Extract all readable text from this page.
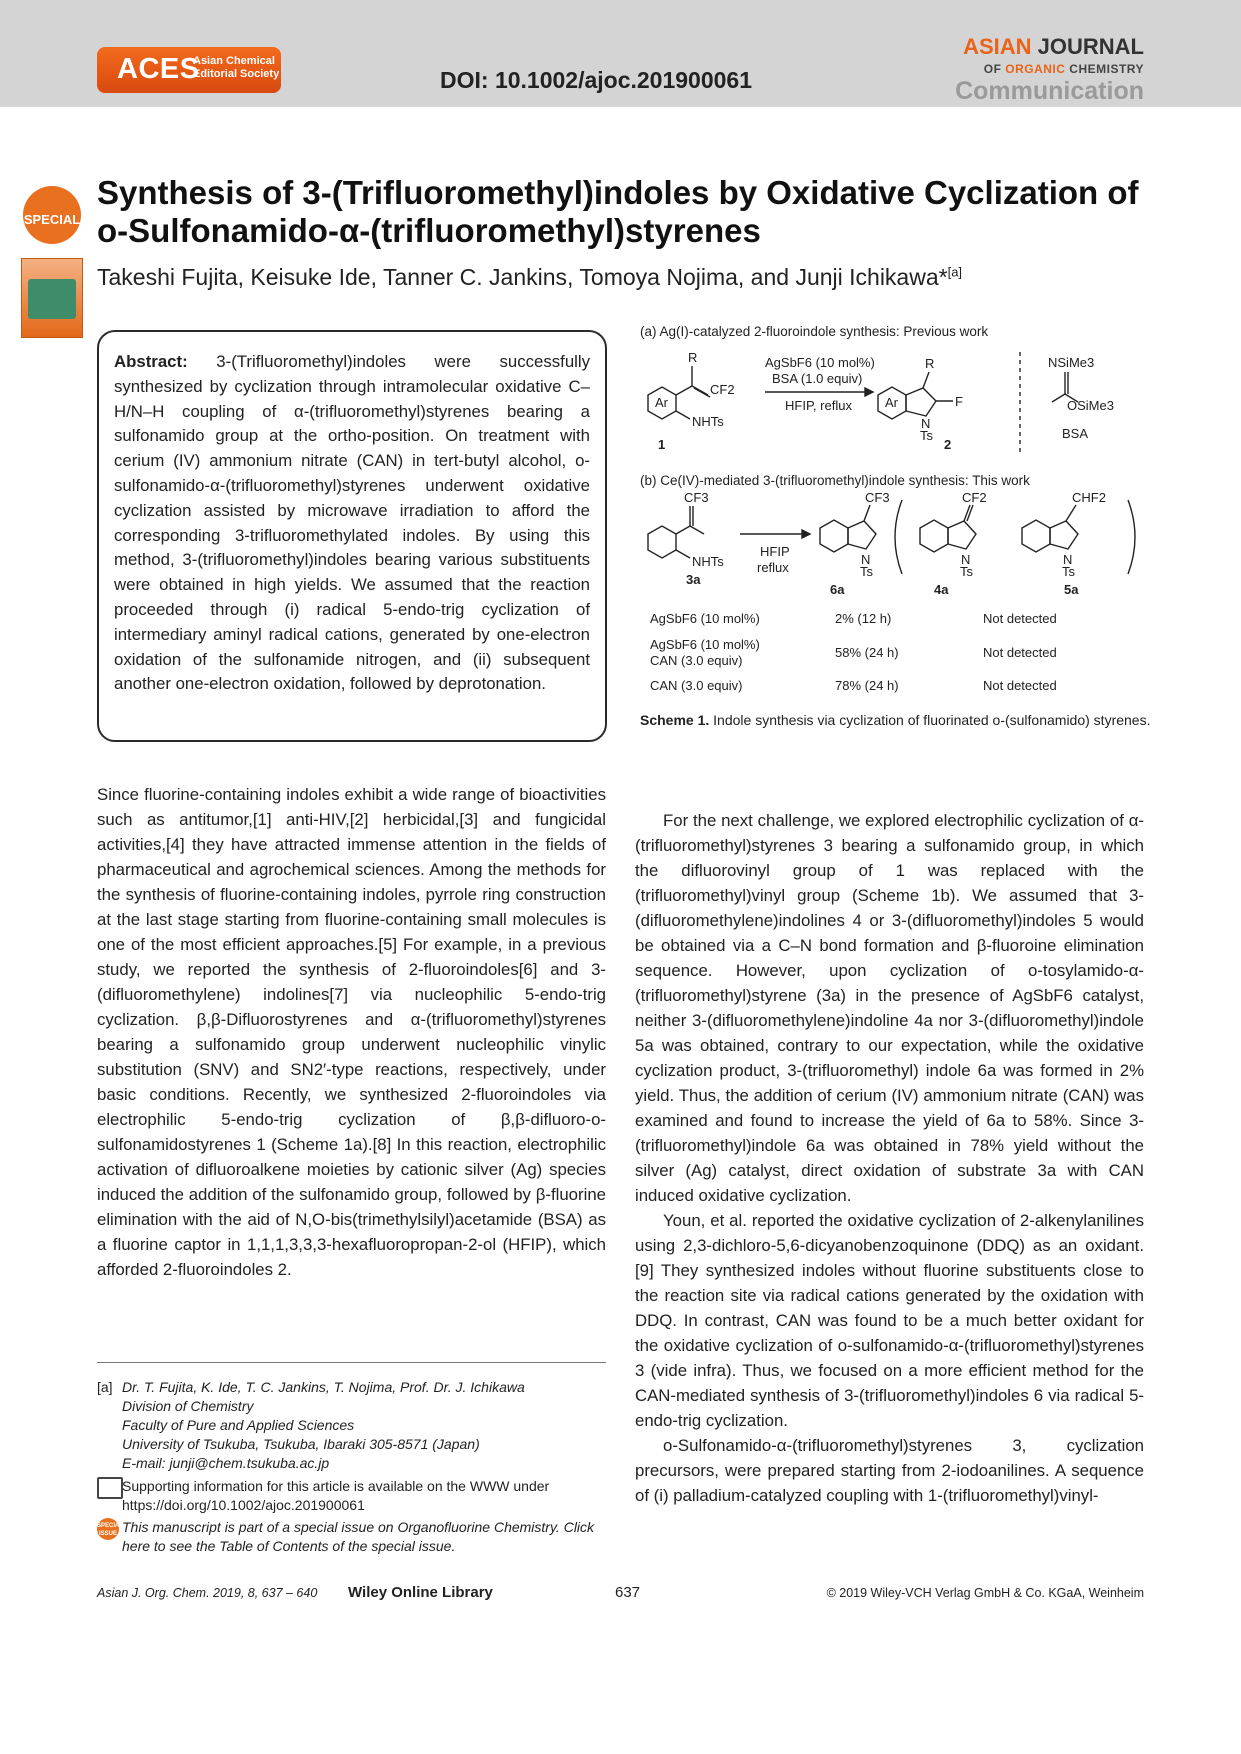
ACES
Asian Chemical
Editorial Society	DOI: 10.1002/ajoc.201900061
ASIAN JOURNAL
OF ORGANIC CHEMISTRY
Communication
SPECIAL

Synthesis of 3-(Trifluoromethyl)indoles by Oxidative Cyclization of
o-Sulfonamido-α-(trifluoromethyl)styrenes
Takeshi Fujita, Keisuke Ide, Tanner C. Jankins, Tomoya Nojima, and Junji Ichikawa*[a]
Abstract: 3-(Trifluoromethyl)indoles were successfully synthesized by cyclization through intramolecular oxidative C–H/N–H coupling of α-(trifluoromethyl)styrenes bearing a sulfonamido group at the ortho-position. On treatment with cerium (IV) ammonium nitrate (CAN) in tert-butyl alcohol, o-sulfonamido-α-(trifluoromethyl)styrenes underwent oxidative cyclization assisted by microwave irradiation to afford the corresponding 3-trifluoromethylated indoles. By using this method, 3-(trifluoromethyl)indoles bearing various substituents were obtained in high yields. We assumed that the reaction proceeded through (i) radical 5-endo-trig cyclization of intermediary aminyl radical cations, generated by one-electron oxidation of the sulfonamide nitrogen, and (ii) subsequent another one-electron oxidation, followed by deprotonation.
(a) Ag(I)-catalyzed 2-fluoroindole synthesis: Previous work
R
CF2
Ar
NHTs
1
AgSbF6 (10 mol%)
BSA (1.0 equiv)
HFIP, reflux
R
Ar	F
N
Ts
2
NSiMe3
OSiMe3
BSA
(b) Ce(IV)-mediated 3-(trifluoromethyl)indole synthesis: This work
CF3
NHTs
3a
HFIP
reflux
CF3
N
Ts
6a
CF2
N
Ts
4a
CHF2
N
Ts
5a
AgSbF6 (10 mol%)	2% (12 h)	Not detected
AgSbF6 (10 mol%)
CAN (3.0 equiv)
58% (24 h)	Not detected
CAN (3.0 equiv)	78% (24 h)	Not detected
Scheme 1. Indole synthesis via cyclization of fluorinated o-(sulfonamido) styrenes.

Since fluorine-containing indoles exhibit a wide range of bioactivities such as antitumor,[1] anti-HIV,[2] herbicidal,[3] and fungicidal activities,[4] they have attracted immense attention in the fields of pharmaceutical and agrochemical sciences. Among the methods for the synthesis of fluorine-containing indoles, pyrrole ring construction at the last stage starting from fluorine-containing small molecules is one of the most efficient approaches.[5] For example, in a previous study, we reported the synthesis of 2-fluoroindoles[6] and 3-(difluoromethylene) indolines[7] via nucleophilic 5-endo-trig cyclization. β,β-Difluorostyrenes and α-(trifluoromethyl)styrenes bearing a sulfonamido group underwent nucleophilic vinylic substitution (SNV) and SN2′-type reactions, respectively, under basic conditions. Recently, we synthesized 2-fluoroindoles via electrophilic 5-endo-trig cyclization of β,β-difluoro-o-sulfonamidostyrenes 1 (Scheme 1a).[8] In this reaction, electrophilic activation of difluoroalkene moieties by cationic silver (Ag) species induced the addition of the sulfonamido group, followed by β-fluorine elimination with the aid of N,O-bis(trimethylsilyl)acetamide (BSA) as a fluorine captor in 1,1,1,3,3,3-hexafluoropropan-2-ol (HFIP), which afforded 2-fluoroindoles 2.

For the next challenge, we explored electrophilic cyclization of α-(trifluoromethyl)styrenes 3 bearing a sulfonamido group, in which the difluorovinyl group of 1 was replaced with the (trifluoromethyl)vinyl group (Scheme 1b). We assumed that 3-(difluoromethylene)indolines 4 or 3-(difluoromethyl)indoles 5 would be obtained via a C–N bond formation and β-fluoroine elimination sequence. However, upon cyclization of o-tosylamido-α-(trifluoromethyl)styrene (3a) in the presence of AgSbF6 catalyst, neither 3-(difluoromethylene)indoline 4a nor 3-(difluoromethyl)indole 5a was obtained, contrary to our expectation, while the oxidative cyclization product, 3-(trifluoromethyl) indole 6a was formed in 2% yield. Thus, the addition of cerium (IV) ammonium nitrate (CAN) was examined and found to increase the yield of 6a to 58%. Since 3-(trifluoromethyl)indole 6a was obtained in 78% yield without the silver (Ag) catalyst, direct oxidation of substrate 3a with CAN induced oxidative cyclization.

Youn, et al. reported the oxidative cyclization of 2-alkenylanilines using 2,3-dichloro-5,6-dicyanobenzoquinone (DDQ) as an oxidant.[9] They synthesized indoles without fluorine substituents close to the reaction site via radical cations generated by the oxidation with DDQ. In contrast, CAN was found to be a much better oxidant for the oxidative cyclization of o-sulfonamido-α-(trifluoromethyl)styrenes 3 (vide infra). Thus, we focused on a more efficient method for the CAN-mediated synthesis of 3-(trifluoromethyl)indoles 6 via radical 5-endo-trig cyclization.

o-Sulfonamido-α-(trifluoromethyl)styrenes 3, cyclization precursors, were prepared starting from 2-iodoanilines. A sequence of (i) palladium-catalyzed coupling with 1-(trifluoromethyl)vinyl-

[a] Dr. T. Fujita, K. Ide, T. C. Jankins, T. Nojima, Prof. Dr. J. Ichikawa
Division of Chemistry
Faculty of Pure and Applied Sciences
University of Tsukuba, Tsukuba, Ibaraki 305-8571 (Japan)
E-mail: junji@chem.tsukuba.ac.jp
Supporting information for this article is available on the WWW under https://doi.org/10.1002/ajoc.201900061
SPECIAL
ISSUE This manuscript is part of a special issue on Organofluorine Chemistry. Click here to see the Table of Contents of the special issue.
Asian J. Org. Chem. 2019, 8, 637 – 640 Wiley Online Library	637	© 2019 Wiley-VCH Verlag GmbH & Co. KGaA, Weinheim
